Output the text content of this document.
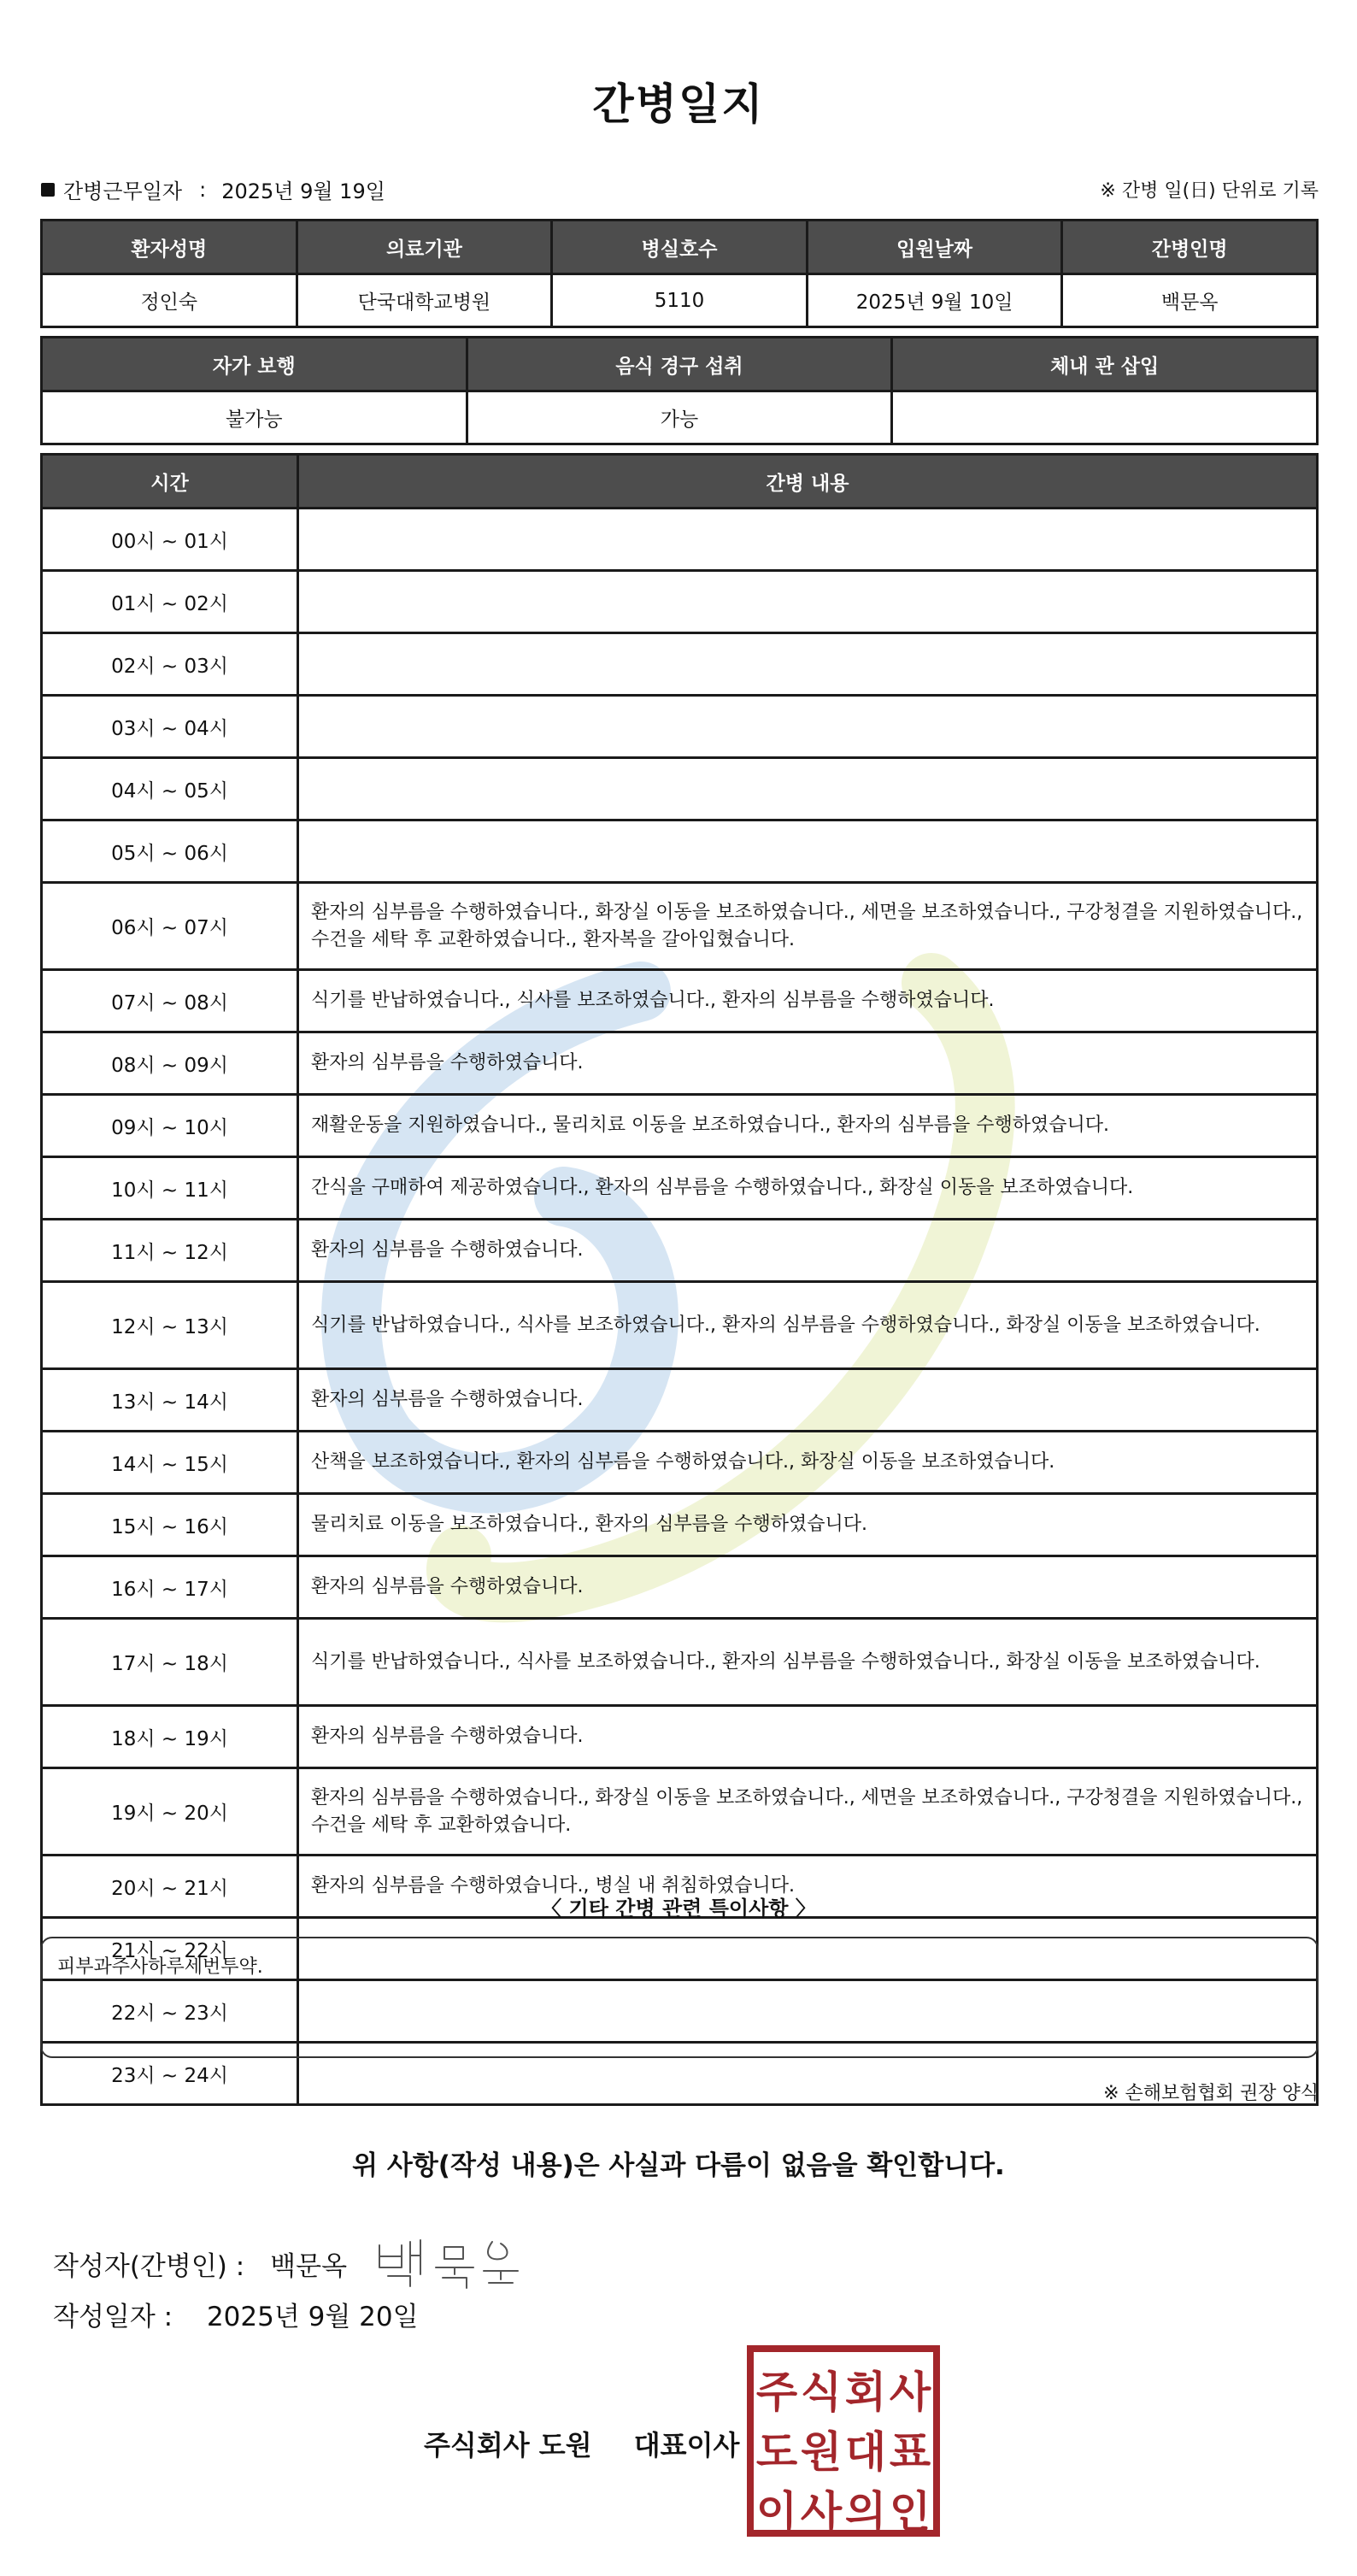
간병일지
간병근무일자 : 2025년 9월 19일	※ 간병 일(日) 단위로 기록
환자성명	의료기관	병실호수	입원날짜	간병인명
정인숙	단국대학교병원	5110	2025년 9월 10일	백문옥
자가 보행	음식 경구 섭취	체내 관 삽입
불가능	가능	
시간	간병 내용
00시 ~ 01시	
01시 ~ 02시	
02시 ~ 03시	
03시 ~ 04시	
04시 ~ 05시	
05시 ~ 06시	
06시 ~ 07시	환자의 심부름을 수행하였습니다., 화장실 이동을 보조하였습니다., 세면을 보조하였습니다., 구강청결을 지원하였습니다., 수건을 세탁 후 교환하였습니다., 환자복을 갈아입혔습니다.
07시 ~ 08시	식기를 반납하였습니다., 식사를 보조하였습니다., 환자의 심부름을 수행하였습니다.
08시 ~ 09시	환자의 심부름을 수행하였습니다.
09시 ~ 10시	재활운동을 지원하였습니다., 물리치료 이동을 보조하였습니다., 환자의 심부름을 수행하였습니다.
10시 ~ 11시	간식을 구매하여 제공하였습니다., 환자의 심부름을 수행하였습니다., 화장실 이동을 보조하였습니다.
11시 ~ 12시	환자의 심부름을 수행하였습니다.
12시 ~ 13시	식기를 반납하였습니다., 식사를 보조하였습니다., 환자의 심부름을 수행하였습니다., 화장실 이동을 보조하였습니다.
13시 ~ 14시	환자의 심부름을 수행하였습니다.
14시 ~ 15시	산책을 보조하였습니다., 환자의 심부름을 수행하였습니다., 화장실 이동을 보조하였습니다.
15시 ~ 16시	물리치료 이동을 보조하였습니다., 환자의 심부름을 수행하였습니다.
16시 ~ 17시	환자의 심부름을 수행하였습니다.
17시 ~ 18시	식기를 반납하였습니다., 식사를 보조하였습니다., 환자의 심부름을 수행하였습니다., 화장실 이동을 보조하였습니다.
18시 ~ 19시	환자의 심부름을 수행하였습니다.
19시 ~ 20시	환자의 심부름을 수행하였습니다., 화장실 이동을 보조하였습니다., 세면을 보조하였습니다., 구강청결을 지원하였습니다., 수건을 세탁 후 교환하였습니다.
20시 ~ 21시	환자의 심부름을 수행하였습니다., 병실 내 취침하였습니다.
21시 ~ 22시	
22시 ~ 23시	
23시 ~ 24시	
〈 기타 간병 관련 특이사항 〉
피부과주사하루세번투약.
※ 손해보험협회 권장 양식
위 사항(작성 내용)은 사실과 다름이 없음을 확인합니다.
작성자(간병인) : 백문옥
작성일자 : 2025년 9월 20일
주식회사 도원 대표이사
주 식 회 사
도 원 대 표
이 사 의 인
